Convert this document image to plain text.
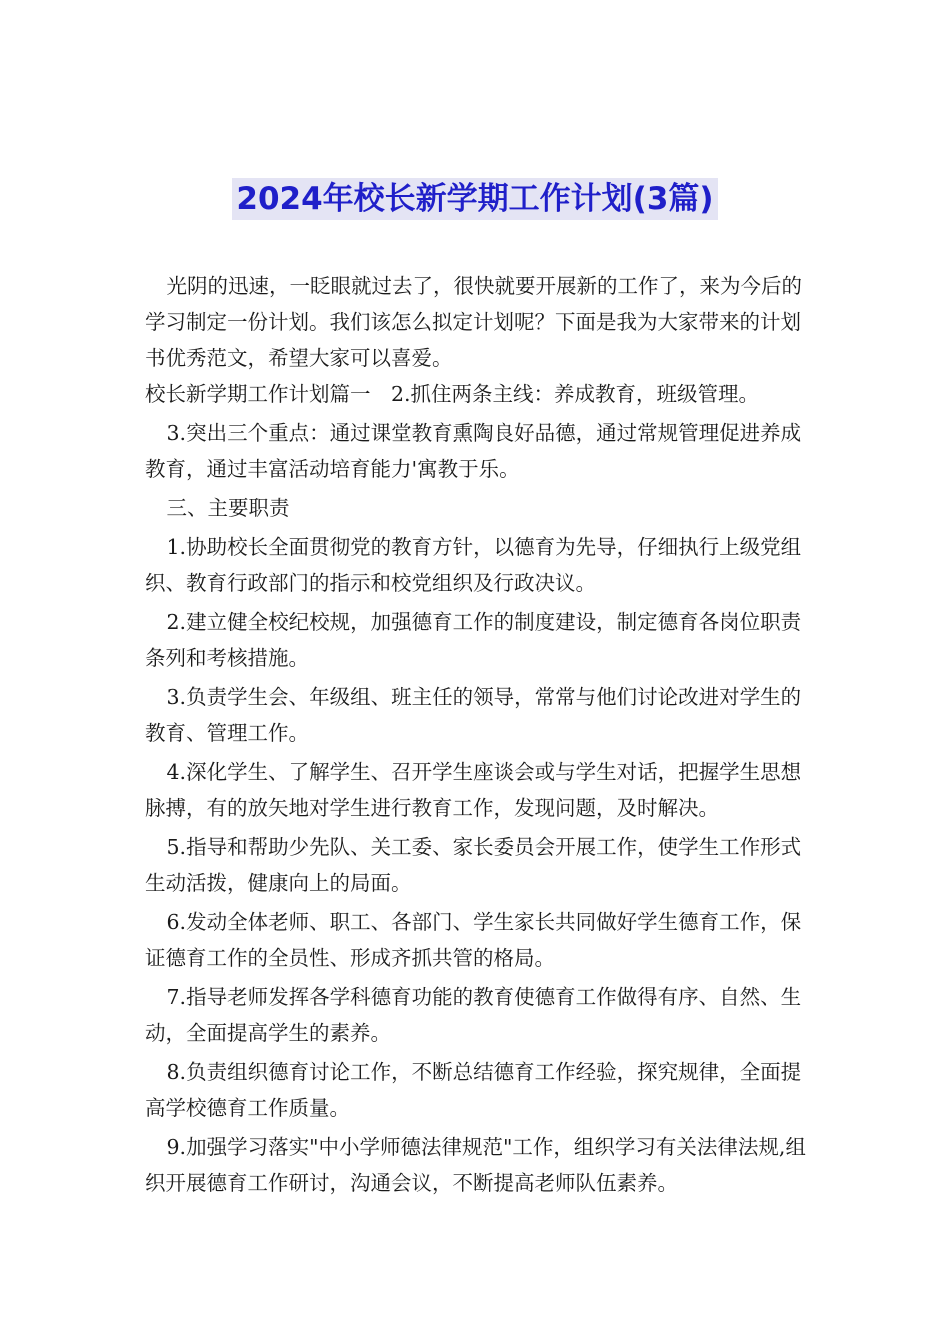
2024年校长新学期工作计划(3篇)

光阴的迅速，一眨眼就过去了，很快就要开展新的工作了，来为今后的学习制定一份计划。我们该怎么拟定计划呢？下面是我为大家带来的计划书优秀范文，希望大家可以喜爱。

校长新学期工作计划篇一　2.抓住两条主线：养成教育，班级管理。

3.突出三个重点：通过课堂教育熏陶良好品德，通过常规管理促进养成教育，通过丰富活动培育能力'寓教于乐。

三、主要职责

1.协助校长全面贯彻党的教育方针，以德育为先导，仔细执行上级党组织、教育行政部门的指示和校党组织及行政决议。

2.建立健全校纪校规，加强德育工作的制度建设，制定德育各岗位职责条列和考核措施。

3.负责学生会、年级组、班主任的领导，常常与他们讨论改进对学生的教育、管理工作。

4.深化学生、了解学生、召开学生座谈会或与学生对话，把握学生思想脉搏，有的放矢地对学生进行教育工作，发现问题，及时解决。

5.指导和帮助少先队、关工委、家长委员会开展工作，使学生工作形式生动活拨，健康向上的局面。

6.发动全体老师、职工、各部门、学生家长共同做好学生德育工作，保证德育工作的全员性、形成齐抓共管的格局。

7.指导老师发挥各学科德育功能的教育使德育工作做得有序、自然、生动，全面提高学生的素养。

8.负责组织德育讨论工作，不断总结德育工作经验，探究规律，全面提高学校德育工作质量。

9.加强学习落实"中小学师德法律规范"工作，组织学习有关法律法规,组织开展德育工作研讨，沟通会议，不断提高老师队伍素养。
